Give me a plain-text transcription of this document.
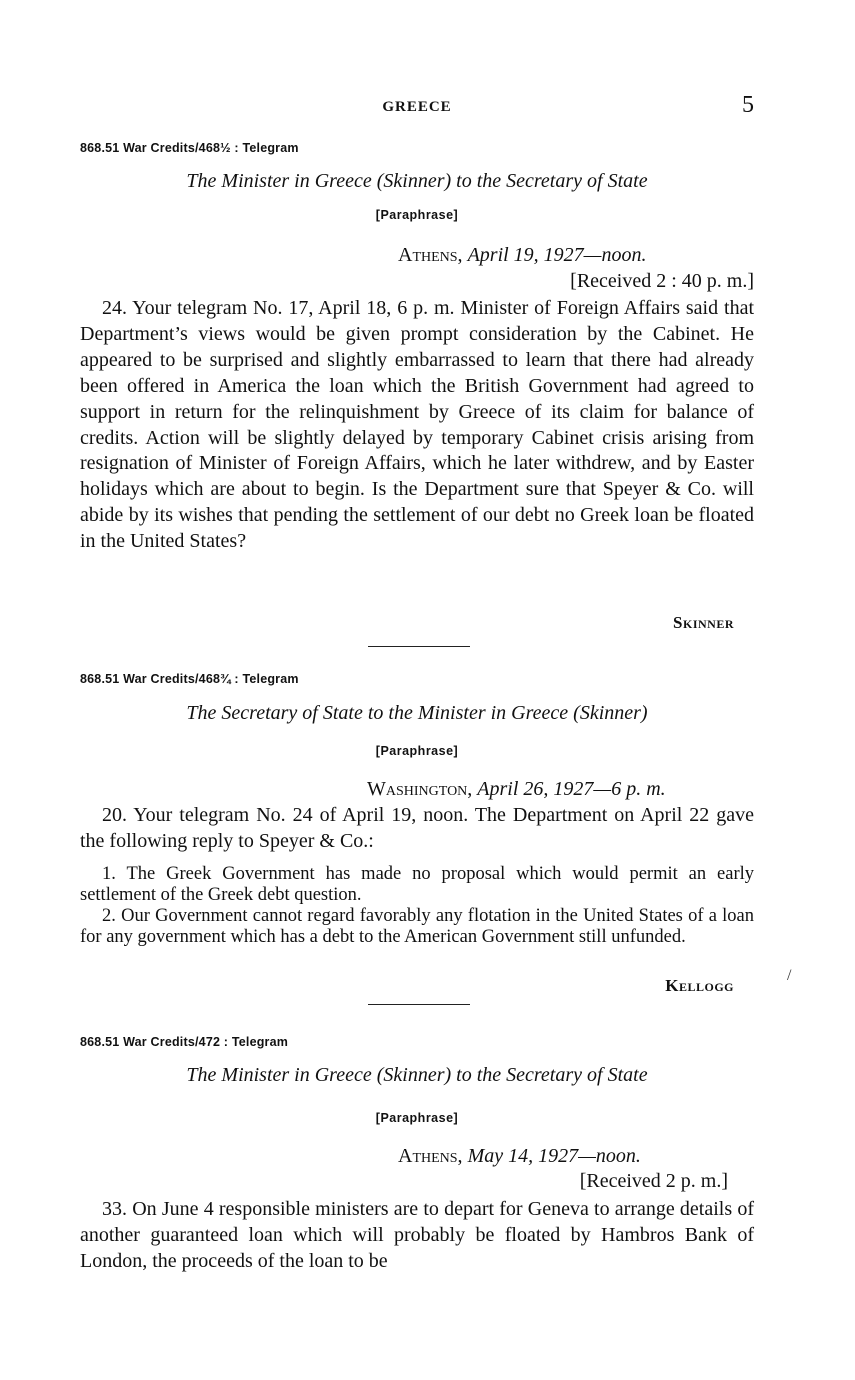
GREECE	5
868.51 War Credits/468½ : Telegram
The Minister in Greece (Skinner) to the Secretary of State
[Paraphrase]
Athens, April 19, 1927—noon.
[Received 2 : 40 p. m.]

24. Your telegram No. 17, April 18, 6 p. m. Minister of Foreign Affairs said that Department’s views would be given prompt consideration by the Cabinet. He appeared to be surprised and slightly embarrassed to learn that there had already been offered in America the loan which the British Government had agreed to support in return for the relinquishment by Greece of its claim for balance of credits. Action will be slightly delayed by temporary Cabinet crisis arising from resignation of Minister of Foreign Affairs, which he later withdrew, and by Easter holidays which are about to begin. Is the Department sure that Speyer & Co. will abide by its wishes that pending the settlement of our debt no Greek loan be floated in the United States?

Skinner
868.51 War Credits/468¾ : Telegram
The Secretary of State to the Minister in Greece (Skinner)
[Paraphrase]
Washington, April 26, 1927—6 p. m.

20. Your telegram No. 24 of April 19, noon. The Department on April 22 gave the following reply to Speyer & Co.:

1. The Greek Government has made no proposal which would permit an early settlement of the Greek debt question.

2. Our Government cannot regard favorably any flotation in the United States of a loan for any government which has a debt to the American Government still unfunded.

Kellogg
868.51 War Credits/472 : Telegram
The Minister in Greece (Skinner) to the Secretary of State
[Paraphrase]
Athens, May 14, 1927—noon.
[Received 2 p. m.]

33. On June 4 responsible ministers are to depart for Geneva to arrange details of another guaranteed loan which will probably be floated by Hambros Bank of London, the proceeds of the loan to be

/
